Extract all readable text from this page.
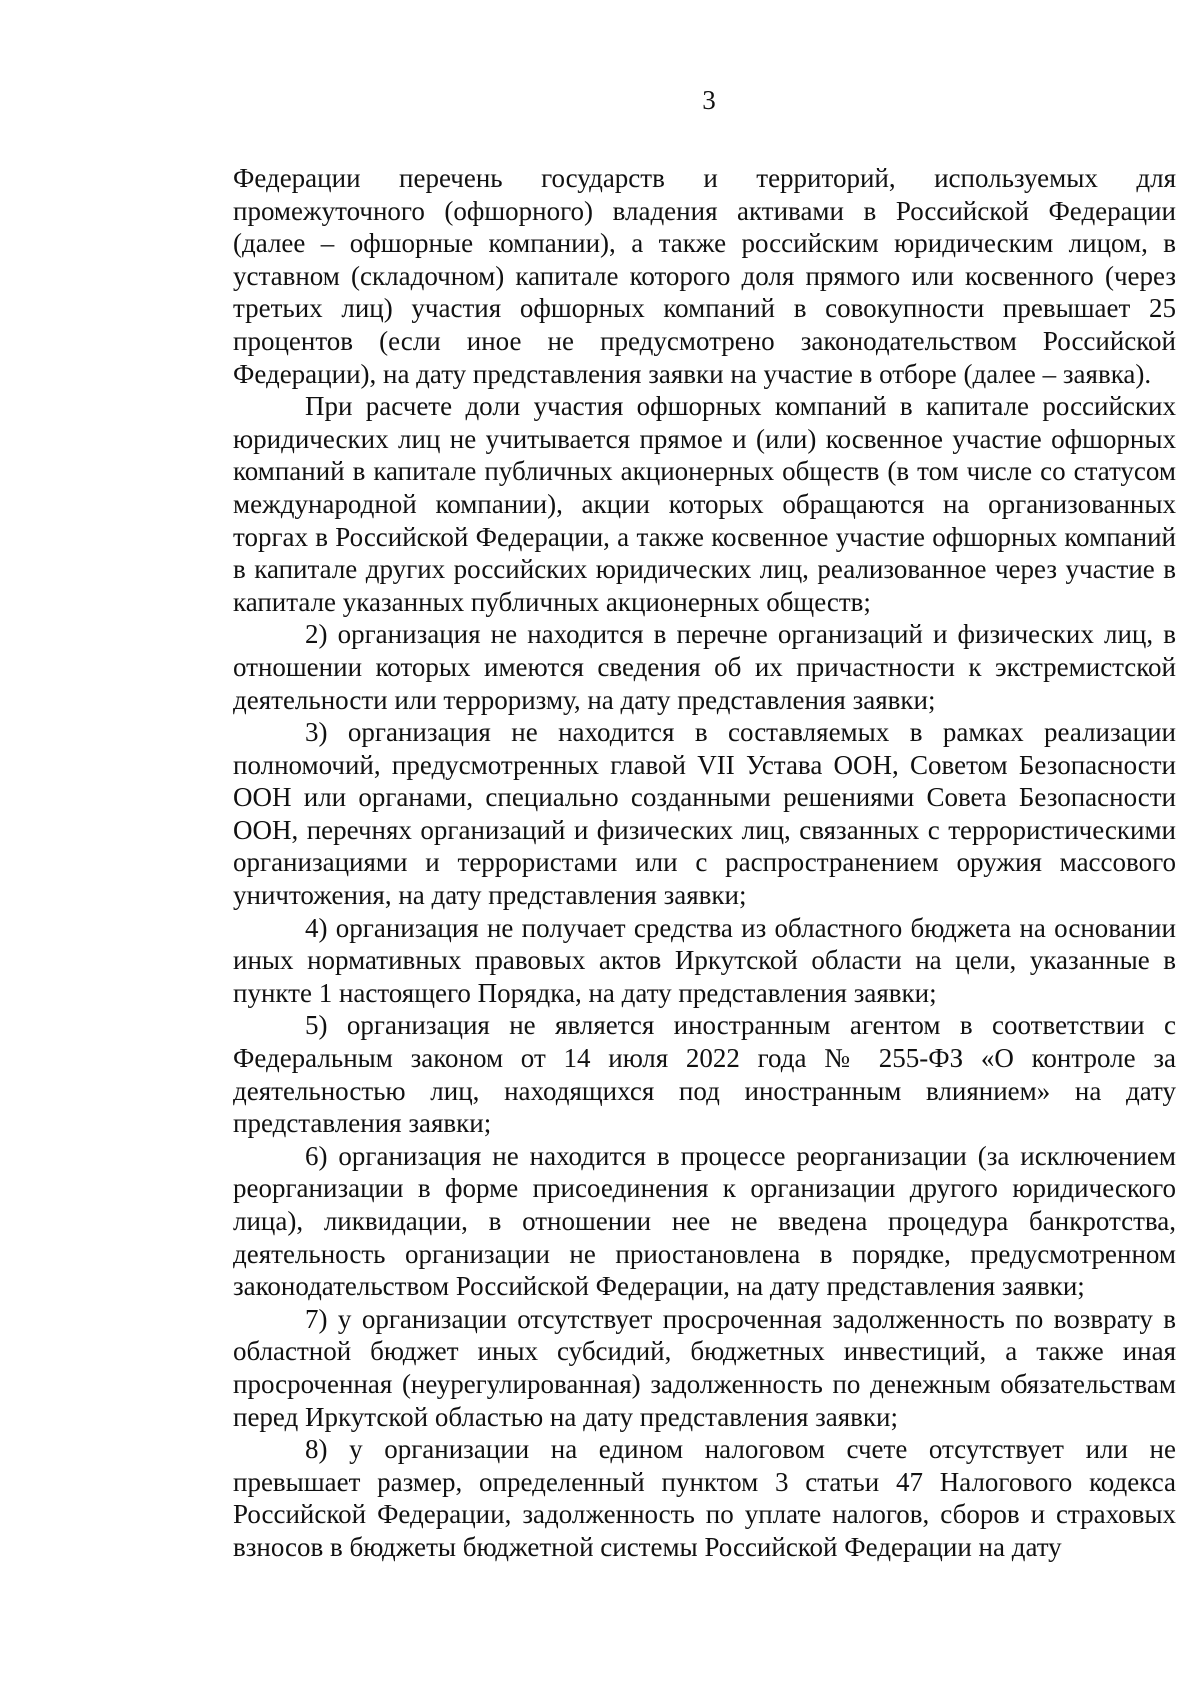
3

Федерации перечень государств и территорий, используемых для промежуточного (офшорного) владения активами в Российской Федерации (далее – офшорные компании), а также российским юридическим лицом, в уставном (складочном) капитале которого доля прямого или косвенного (через третьих лиц) участия офшорных компаний в совокупности превышает 25 процентов (если иное не предусмотрено законодательством Российской Федерации), на дату представления заявки на участие в отборе (далее – заявка).

При расчете доли участия офшорных компаний в капитале российских юридических лиц не учитывается прямое и (или) косвенное участие офшорных компаний в капитале публичных акционерных обществ (в том числе со статусом международной компании), акции которых обращаются на организованных торгах в Российской Федерации, а также косвенное участие офшорных компаний в капитале других российских юридических лиц, реализованное через участие в капитале указанных публичных акционерных обществ;

2) организация не находится в перечне организаций и физических лиц, в отношении которых имеются сведения об их причастности к экстремистской деятельности или терроризму, на дату представления заявки;

3) организация не находится в составляемых в рамках реализации полномочий, предусмотренных главой VII Устава ООН, Советом Безопасности ООН или органами, специально созданными решениями Совета Безопасности ООН, перечнях организаций и физических лиц, связанных с террористическими организациями и террористами или с распространением оружия массового уничтожения, на дату представления заявки;

4) организация не получает средства из областного бюджета на основании иных нормативных правовых актов Иркутской области на цели, указанные в пункте 1 настоящего Порядка, на дату представления заявки;

5) организация не является иностранным агентом в соответствии с Федеральным законом от 14 июля 2022 года № 255-ФЗ «О контроле за деятельностью лиц, находящихся под иностранным влиянием» на дату представления заявки;

6) организация не находится в процессе реорганизации (за исключением реорганизации в форме присоединения к организации другого юридического лица), ликвидации, в отношении нее не введена процедура банкротства, деятельность организации не приостановлена в порядке, предусмотренном законодательством Российской Федерации, на дату представления заявки;

7) у организации отсутствует просроченная задолженность по возврату в областной бюджет иных субсидий, бюджетных инвестиций, а также иная просроченная (неурегулированная) задолженность по денежным обязательствам перед Иркутской областью на дату представления заявки;

8) у организации на едином налоговом счете отсутствует или не превышает размер, определенный пунктом 3 статьи 47 Налогового кодекса Российской Федерации, задолженность по уплате налогов, сборов и страховых взносов в бюджеты бюджетной системы Российской Федерации на дату
